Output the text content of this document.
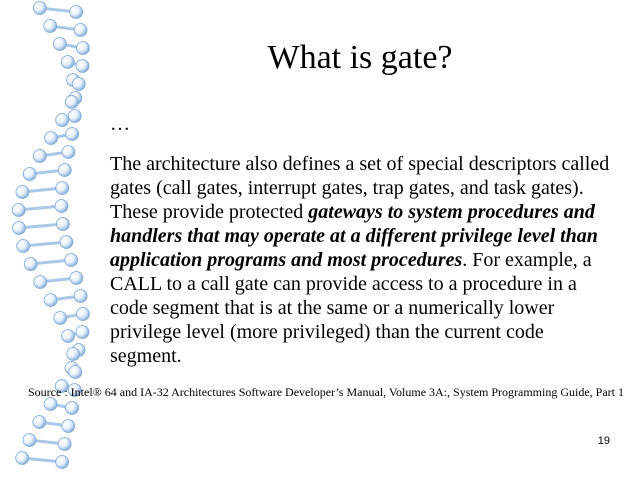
What is gate?
…
The architecture also defines a set of special descriptors called gates (call gates, interrupt gates, trap gates, and task gates). These provide protected gateways to system procedures and handlers that may operate at a different privilege level than application programs and most procedures. For example, a CALL to a call gate can provide access to a procedure in a code segment that is at the same or a numerically lower privilege level (more privileged) than the current code segment.
Source : Intel® 64 and IA-32 Architectures Software Developer’s Manual, Volume 3A:, System Programming Guide, Part 1
19
